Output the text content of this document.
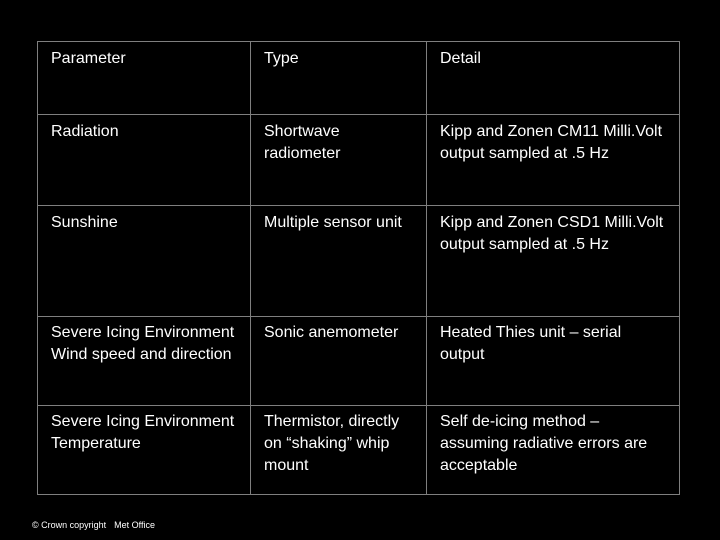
Parameter	Type	Detail
Radiation	Shortwave radiometer	Kipp and Zonen CM11 Milli.Volt output sampled at .5 Hz
Sunshine	Multiple sensor unit	Kipp and Zonen CSD1 Milli.Volt output sampled at .5 Hz
Severe Icing Environment Wind speed and direction	Sonic anemometer	Heated Thies unit – serial output
Severe Icing Environment Temperature	Thermistor, directly on “shaking” whip mount	Self de-icing method – assuming radiative errors are acceptable
© Crown copyright Met Office
